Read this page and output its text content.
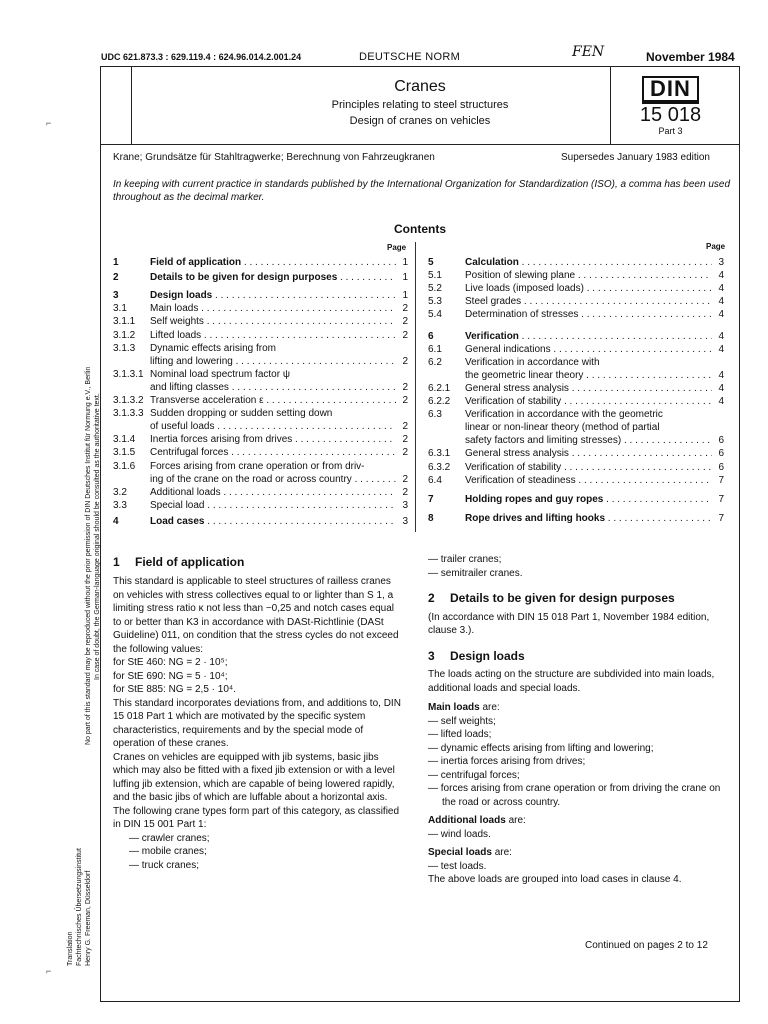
UDC 621.873.3 : 629.119.4 : 624.96.014.2.001.24	DEUTSCHE NORM	FEN	November 1984
Cranes
Principles relating to steel structures
Design of cranes on vehicles
DIN
15 018
Part 3
Krane; Grundsätze für Stahltragwerke; Berechnung von Fahrzeugkranen	Supersedes January 1983 edition
In keeping with current practice in standards published by the International Organization for Standardization (ISO), a comma has been used throughout as the decimal marker.
Contents
Page	Page
1	Field of application . . .	1
2	Details to be given for design purposes . . .	1
3	Design loads . . .	1
3.1	Main loads . . .	2
3.1.1	Self weights . . .	2
3.1.2	Lifted loads . . .	2
3.1.3	Dynamic effects arising from
lifting and lowering . . .	2
3.1.3.1 Nominal load spectrum factor ψ
and lifting classes . . .	2
3.1.3.2 Transverse acceleration ε . . .	2
3.1.3.3 Sudden dropping or sudden setting down
of useful loads . . .	2
3.1.4	Inertia forces arising from drives . . .	2
3.1.5	Centrifugal forces . . .	2
3.1.6	Forces arising from crane operation or from driv-
ing of the crane on the road or across country . . .	2
3.2	Additional loads . . .	2
3.3	Special load . . .	3
4	Load cases . . .	3
5	Calculation . . .	3
5.1	Position of slewing plane . . .	4
5.2	Live loads (imposed loads) . . .	4
5.3	Steel grades . . .	4
5.4	Determination of stresses . . .	4
6	Verification . . .	4
6.1	General indications . . .	4
6.2	Verification in accordance with
the geometric linear theory . . .	4
6.2.1	General stress analysis . . .	4
6.2.2	Verification of stability . . .	4
6.3	Verification in accordance with the geometric
linear or non-linear theory (method of partial
safety factors and limiting stresses) . . .	6
6.3.1	General stress analysis . . .	6
6.3.2	Verification of stability . . .	6
6.4	Verification of steadiness . . .	7
7	Holding ropes and guy ropes . . .	7
8	Rope drives and lifting hooks . . .	7
1 Field of application

This standard is applicable to steel structures of railless cranes on vehicles with stress collectives equal to or lighter than S 1, a limiting stress ratio κ not less than −0,25 and notch cases equal to or better than K3 in accordance with DASt-Richtlinie (DASt Guideline) 011, on condition that the stress cycles do not exceed the following values:

for StE 460: NG = 2 · 10⁵;

for StE 690: NG = 5 · 10⁴;

for StE 885: NG = 2,5 · 10⁴.

This standard incorporates deviations from, and additions to, DIN 15 018 Part 1 which are motivated by the specific system characteristics, requirements and by the special mode of operation of these cranes.

Cranes on vehicles are equipped with jib systems, basic jibs which may also be fitted with a fixed jib extension or with a level luffing jib extension, which are capable of being lowered rapidly, and the basic jibs of which are luffable about a horizontal axis.

The following crane types form part of this category, as classified in DIN 15 001 Part 1:

— crawler cranes;

— mobile cranes;

— truck cranes;

— trailer cranes;

— semitrailer cranes.

2 Details to be given for design purposes

(In accordance with DIN 15 018 Part 1, November 1984 edition, clause 3.).

3 Design loads

The loads acting on the structure are subdivided into main loads, additional loads and special loads.

Main loads are:

— self weights;

— lifted loads;

— dynamic effects arising from lifting and lowering;

— inertia forces arising from drives;

— centrifugal forces;

— forces arising from crane operation or from driving the crane on the road or across country.

Additional loads are:

— wind loads.

Special loads are:

— test loads.

The above loads are grouped into load cases in clause 4.

Continued on pages 2 to 12
No part of this standard may be reproduced without the prior permission of DIN Deutsches Institut für Normung e.V., Berlin In case of doubt, the German-language original should be consulted as the authoritative text.
Translation Fachtechnisches Übersetzungsinstitut Henry G. Freeman, Düsseldorf
⌐
⌐
